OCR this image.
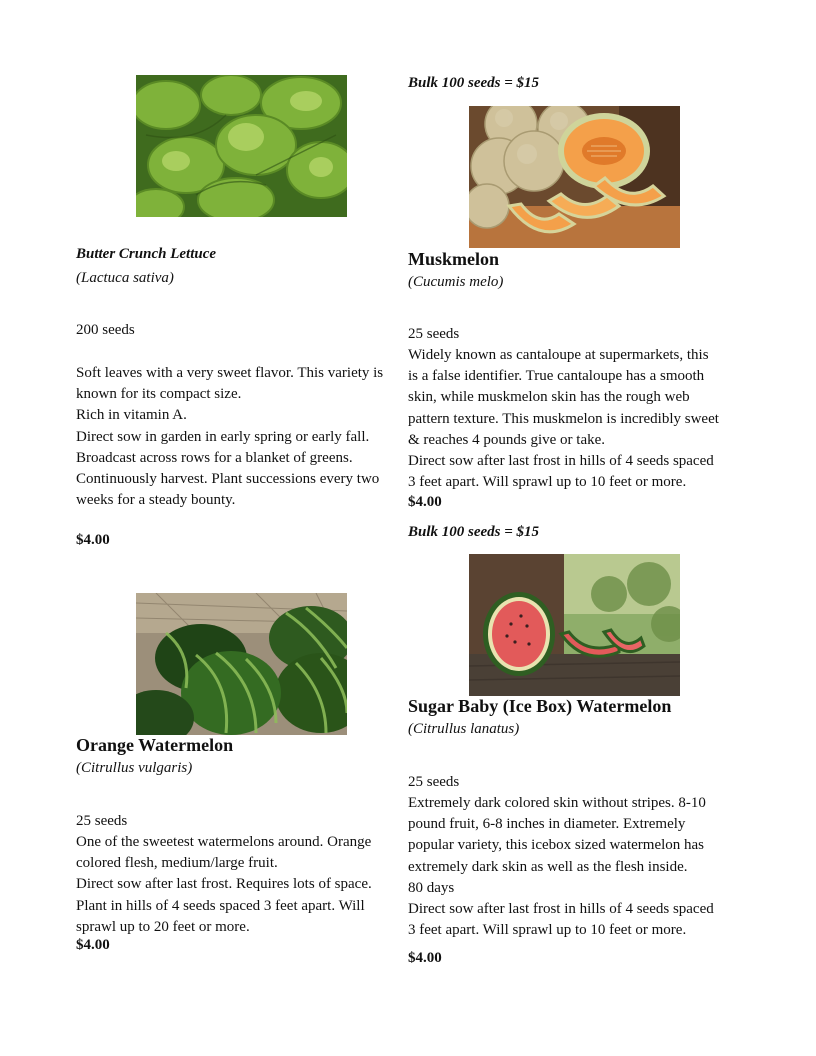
Butter Crunch Lettuce
(Lactuca sativa)
200 seeds
Soft leaves with a very sweet flavor. This variety is
known for its compact size.
Rich in vitamin A.
Direct sow in garden in early spring or early fall.
Broadcast across rows for a blanket of greens.
Continuously harvest. Plant successions every two
weeks for a steady bounty.
$4.00
Orange Watermelon
(Citrullus vulgaris)
25 seeds
One of the sweetest watermelons around. Orange
colored flesh, medium/large fruit.
Direct sow after last frost. Requires lots of space.
Plant in hills of 4 seeds spaced 3 feet apart. Will
sprawl up to 20 feet or more.
$4.00
Bulk 100 seeds = $15
Muskmelon
(Cucumis melo)
25 seeds
Widely known as cantaloupe at supermarkets, this
is a false identifier. True cantaloupe has a smooth
skin, while muskmelon skin has the rough web
pattern texture. This muskmelon is incredibly sweet
& reaches 4 pounds give or take.
Direct sow after last frost in hills of 4 seeds spaced
3 feet apart. Will sprawl up to 10 feet or more.
$4.00
Bulk 100 seeds = $15
Sugar Baby (Ice Box) Watermelon
(Citrullus lanatus)
25 seeds
Extremely dark colored skin without stripes. 8-10
pound fruit, 6-8 inches in diameter. Extremely
popular variety, this icebox sized watermelon has
extremely dark skin as well as the flesh inside.
80 days
Direct sow after last frost in hills of 4 seeds spaced
3 feet apart. Will sprawl up to 10 feet or more.
$4.00
